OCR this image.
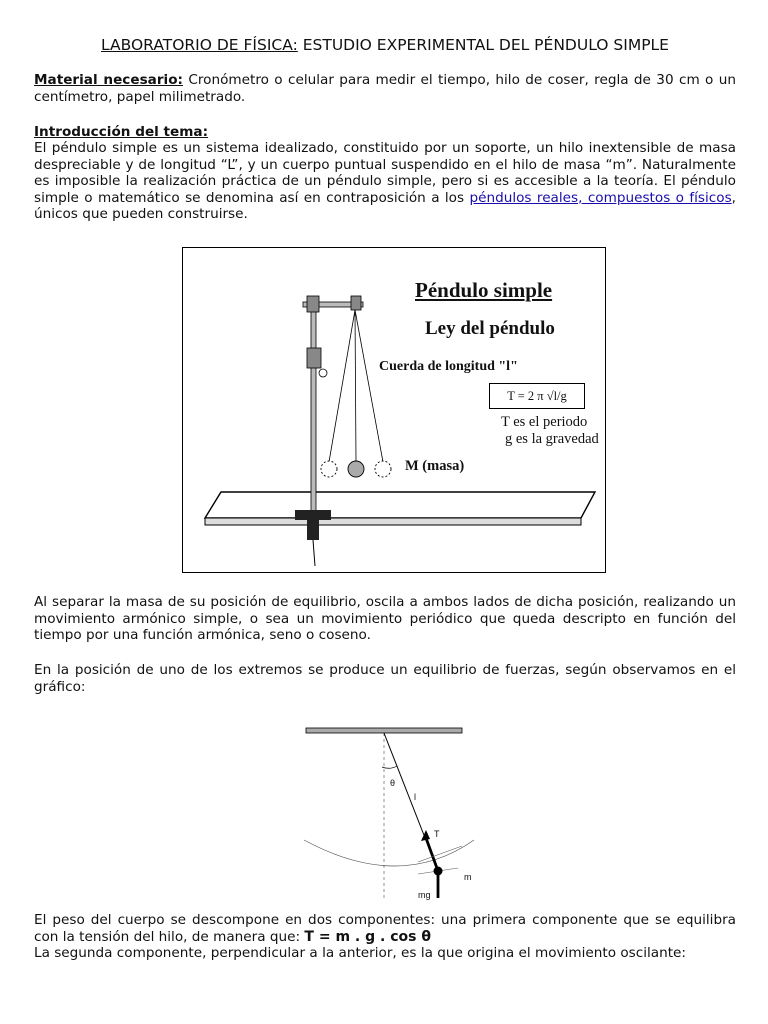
LABORATORIO DE FÍSICA: ESTUDIO EXPERIMENTAL DEL PÉNDULO SIMPLE

Material necesario: Cronómetro o celular para medir el tiempo, hilo de coser, regla de 30 cm o un centímetro, papel milimetrado.

Introducción del tema:

El péndulo simple es un sistema idealizado, constituido por un soporte, un hilo inextensible de masa despreciable y de longitud “L”, y un cuerpo puntual suspendido en el hilo de masa “m”. Naturalmente es imposible la realización práctica de un péndulo simple, pero si es accesible a la teoría. El péndulo simple o matemático se denomina así en contraposición a los péndulos reales, compuestos o físicos, únicos que pueden construirse.

Al separar la masa de su posición de equilibrio, oscila a ambos lados de dicha posición, realizando un movimiento armónico simple, o sea un movimiento periódico que queda descripto en función del tiempo por una función armónica, seno o coseno.

En la posición de uno de los extremos se produce un equilibrio de fuerzas, según observamos en el gráfico:

El peso del cuerpo se descompone en dos componentes: una primera componente que se equilibra con la tensión del hilo, de manera que: T = m . g . cos θ

La segunda componente, perpendicular a la anterior, es la que origina el movimiento oscilante:

Péndulo simple
Ley del péndulo
Cuerda de longitud "l"
T = 2 π √l/g
T es el periodo
g es la gravedad
M (masa)
θ
l
T
m
mg
